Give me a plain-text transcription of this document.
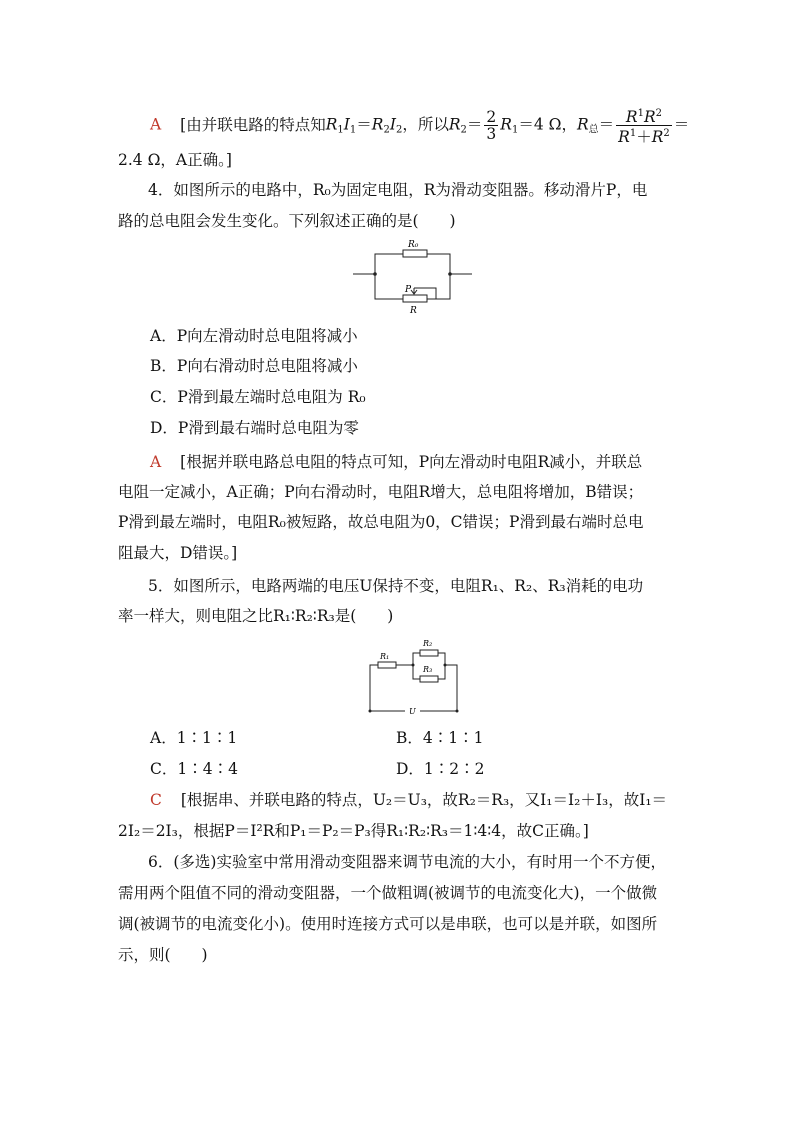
A [由并联电路的特点知$R_1I_1=R_2I_2$，所以$R_2= \frac{2}{3} R_1=4$ Ω，$R_总= \frac{R^1R^2}{R^1+R^2}$ ＝
2.4 Ω，A正确。]
4．如图所示的电路中，R₀为固定电阻，R为滑动变阻器。移动滑片P，电
路的总电阻会发生变化。下列叙述正确的是(　　)
R₀
P
R
A．P向左滑动时总电阻将减小
B．P向右滑动时总电阻将减小
C．P滑到最左端时总电阻为 R₀
D．P滑到最右端时总电阻为零
A [根据并联电路总电阻的特点可知，P向左滑动时电阻R减小，并联总
电阻一定减小，A正确；P向右滑动时，电阻R增大，总电阻将增加，B错误；
P滑到最左端时，电阻R₀被短路，故总电阻为0，C错误；P滑到最右端时总电
阻最大，D错误。]
5．如图所示，电路两端的电压U保持不变，电阻R₁、R₂、R₃消耗的电功
率一样大，则电阻之比R₁∶R₂∶R₃是(　　)
R₁
R₂
R₃
U
A．1∶1∶1	B．4∶1∶1
C．1∶4∶4	D．1∶2∶2
C [根据串、并联电路的特点，U₂＝U₃，故R₂＝R₃，又I₁＝I₂＋I₃，故I₁＝
2I₂＝2I₃，根据P＝I²R和P₁＝P₂＝P₃得R₁∶R₂∶R₃＝1∶4∶4，故C正确。]
6．(多选)实验室中常用滑动变阻器来调节电流的大小，有时用一个不方便，
需用两个阻值不同的滑动变阻器，一个做粗调(被调节的电流变化大)，一个做微
调(被调节的电流变化小)。使用时连接方式可以是串联，也可以是并联，如图所
示，则(　　)
